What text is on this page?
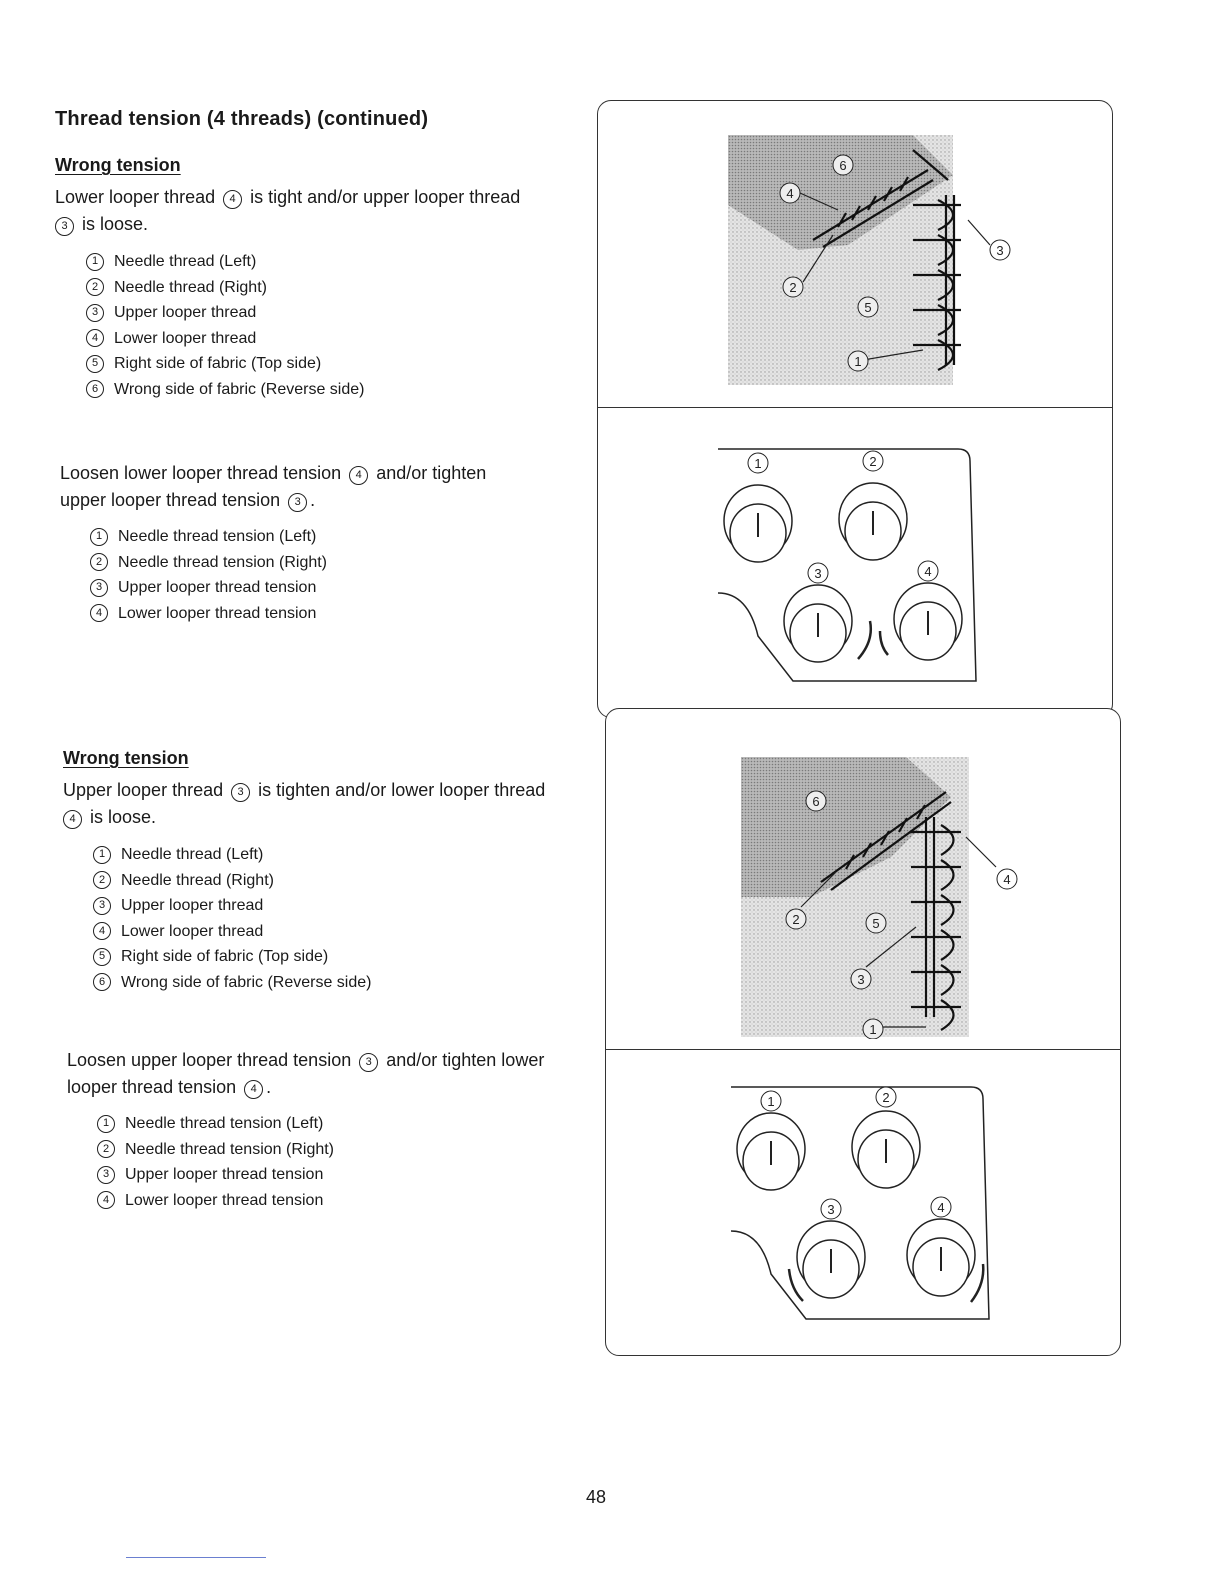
Thread tension (4 threads) (continued)
Wrong tension
Lower looper thread 4 is tight and/or upper looper thread
3 is loose.
1 Needle thread (Left)
2 Needle thread (Right)
3 Upper looper thread
4 Lower looper thread
5 Right side of fabric (Top side)
6 Wrong side of fabric (Reverse side)
Loosen lower looper thread tension 4 and/or tighten
upper looper thread tension 3 .
1 Needle thread tension (Left)
2 Needle thread tension (Right)
3 Upper looper thread tension
4 Lower looper thread tension
Wrong tension
Upper looper thread 3 is tighten and/or lower looper thread
4 is loose.
1 Needle thread (Left)
2 Needle thread (Right)
3 Upper looper thread
4 Lower looper thread
5 Right side of fabric (Top side)
6 Wrong side of fabric (Reverse side)
Loosen upper looper thread tension 3 and/or tighten lower
looper thread tension 4 .
1 Needle thread tension (Left)
2 Needle thread tension (Right)
3 Upper looper thread tension
4 Lower looper thread tension
6
4
3
2
5
1
1	2
3	4
6
4
2	5
3
1
1	2
3	4
48
